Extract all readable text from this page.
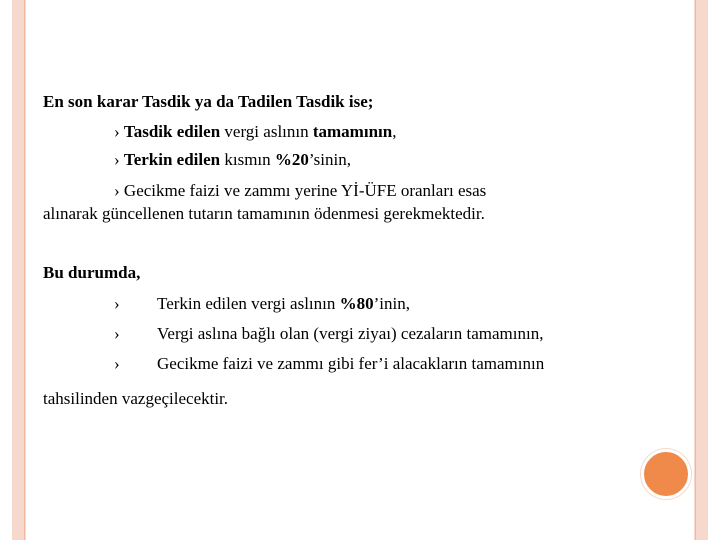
En son karar Tasdik ya da Tadilen Tasdik ise;
› Tasdik edilen vergi aslının tamamının,
› Terkin edilen kısmın %20’sinin,
› Gecikme faizi ve zammı yerine Yİ-ÜFE oranları esas
alınarak güncellenen tutarın tamamının ödenmesi gerekmektedir.
Bu durumda,
› Terkin edilen vergi aslının %80’inin,
› Vergi aslına bağlı olan (vergi ziyaı) cezaların tamamının,
› Gecikme faizi ve zammı gibi fer’i alacakların tamamının
tahsilinden vazgeçilecektir.
